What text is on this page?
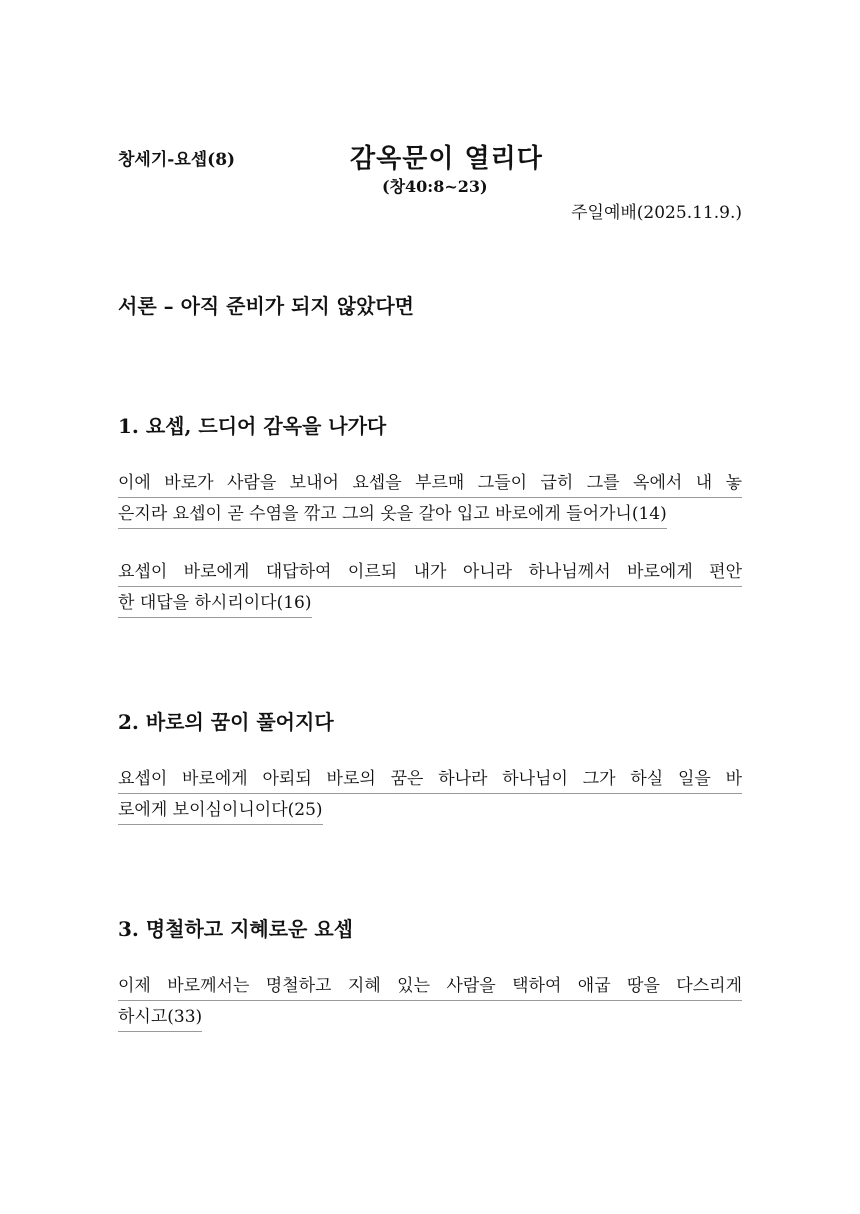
창세기-요셉(8)	감옥문이 열리다
(창40:8~23)
주일예배(2025.11.9.)
서론 – 아직 준비가 되지 않았다면
1. 요셉, 드디어 감옥을 나가다
이에 바로가 사람을 보내어 요셉을 부르매 그들이 급히 그를 옥에서 내 놓
은지라 요셉이 곧 수염을 깎고 그의 옷을 갈아 입고 바로에게 들어가니(14)
요셉이 바로에게 대답하여 이르되 내가 아니라 하나님께서 바로에게 편안
한 대답을 하시리이다(16)
2. 바로의 꿈이 풀어지다
요셉이 바로에게 아뢰되 바로의 꿈은 하나라 하나님이 그가 하실 일을 바
로에게 보이심이니이다(25)
3. 명철하고 지혜로운 요셉
이제 바로께서는 명철하고 지혜 있는 사람을 택하여 애굽 땅을 다스리게
하시고(33)
